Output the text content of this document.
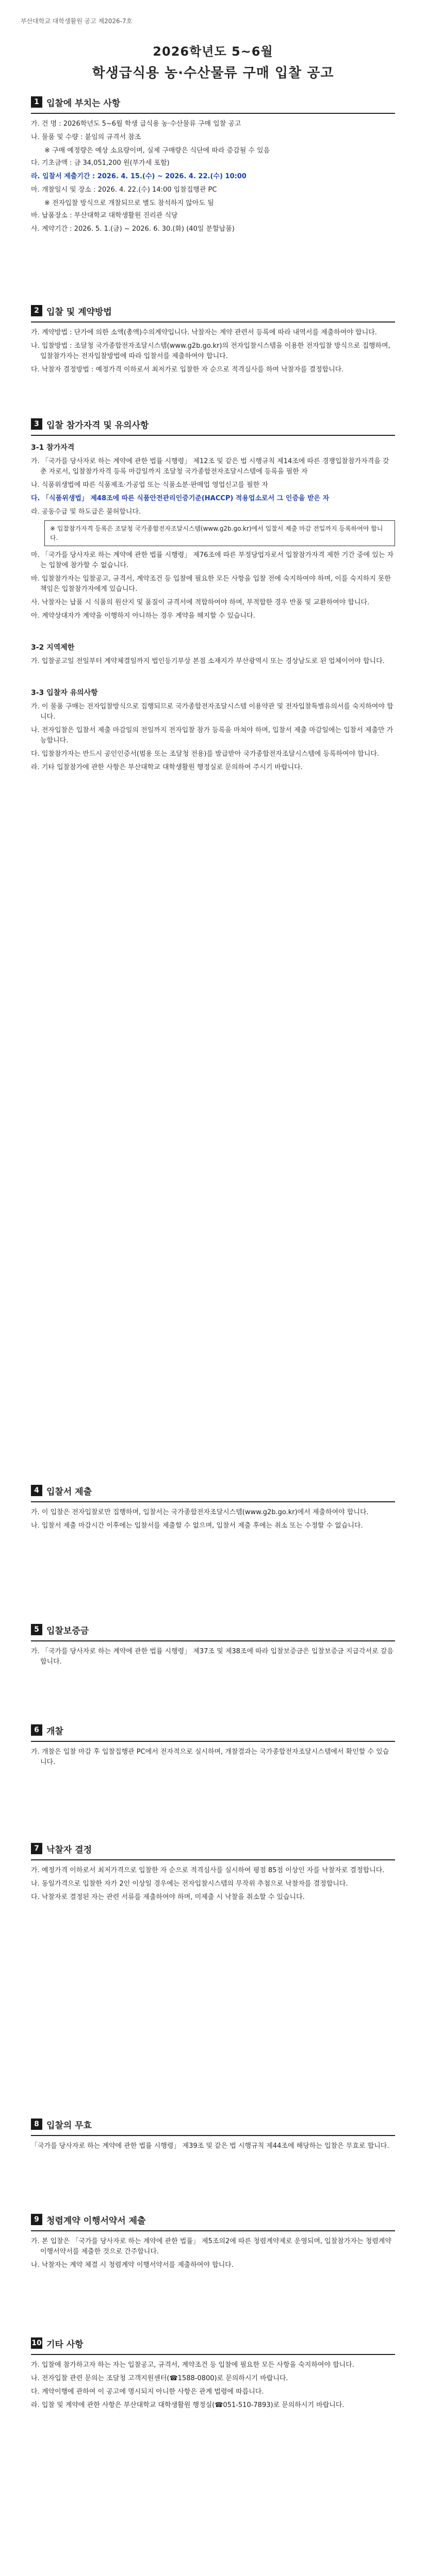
부산대학교 대학생활원 공고 제2026-7호
2026학년도 5~6월
학생급식용 농·수산물류 구매 입찰 공고
1 입찰에 부치는 사항

가. 건 명 : 2026학년도 5~6월 학생 급식용 농·수산물류 구매 입찰 공고

나. 물품 및 수량 : 붙임의 규격서 참조

※ 구매 예정량은 예상 소요량이며, 실제 구매량은 식단에 따라 증감될 수 있음

다. 기초금액 : 금 34,051,200 원(부가세 포함)

라. 입찰서 제출기간 : 2026. 4. 15.(수) ~ 2026. 4. 22.(수) 10:00

마. 개찰일시 및 장소 : 2026. 4. 22.(수) 14:00 입찰집행관 PC

※ 전자입찰 방식으로 개찰되므로 별도 참석하지 않아도 됨

바. 납품장소 : 부산대학교 대학생활원 진리관 식당

사. 계약기간 : 2026. 5. 1.(금) ~ 2026. 6. 30.(화) (40일 분할납품)

2 입찰 및 계약방법

가. 계약방법 : 단가에 의한 소액(총액)수의계약입니다. 낙찰자는 계약 관련서 등록에 따라 내역서를 제출하여야 합니다.

나. 입찰방법 : 조달청 국가종합전자조달시스템(www.g2b.go.kr)의 전자입찰시스템을 이용한 전자입찰 방식으로 집행하며, 입찰참가자는 전자입찰방법에 따라 입찰서를 제출하여야 합니다.

다. 낙찰자 결정방법 : 예정가격 이하로서 최저가로 입찰한 자 순으로 적격심사를 하여 낙찰자를 결정합니다.

3 입찰 참가자격 및 유의사항
3-1 참가자격

가. 「국가를 당사자로 하는 계약에 관한 법률 시행령」 제12조 및 같은 법 시행규칙 제14조에 따른 경쟁입찰참가자격을 갖춘 자로서, 입찰참가자격 등록 마감일까지 조달청 국가종합전자조달시스템에 등록을 필한 자

나. 식품위생법에 따른 식품제조·가공업 또는 식품소분·판매업 영업신고를 필한 자

다. 「식품위생법」 제48조에 따른 식품안전관리인증기준(HACCP) 적용업소로서 그 인증을 받은 자

라. 공동수급 및 하도급은 불허합니다.

※ 입찰참가자격 등록은 조달청 국가종합전자조달시스템(www.g2b.go.kr)에서 입찰서 제출 마감 전일까지 등록하여야 합니다.

마. 「국가를 당사자로 하는 계약에 관한 법률 시행령」 제76조에 따른 부정당업자로서 입찰참가자격 제한 기간 중에 있는 자는 입찰에 참가할 수 없습니다.

바. 입찰참가자는 입찰공고, 규격서, 계약조건 등 입찰에 필요한 모든 사항을 입찰 전에 숙지하여야 하며, 이를 숙지하지 못한 책임은 입찰참가자에게 있습니다.

사. 낙찰자는 납품 시 식품의 원산지 및 품질이 규격서에 적합하여야 하며, 부적합한 경우 반품 및 교환하여야 합니다.

아. 계약상대자가 계약을 이행하지 아니하는 경우 계약을 해지할 수 있습니다.

3-2 지역제한

가. 입찰공고일 전일부터 계약체결일까지 법인등기부상 본점 소재지가 부산광역시 또는 경상남도로 된 업체이어야 합니다.

3-3 입찰자 유의사항

가. 이 물품 구매는 전자입찰방식으로 집행되므로 국가종합전자조달시스템 이용약관 및 전자입찰특별유의서를 숙지하여야 합니다.

나. 전자입찰은 입찰서 제출 마감일의 전일까지 전자입찰 참가 등록을 마쳐야 하며, 입찰서 제출 마감일에는 입찰서 제출만 가능합니다.

다. 입찰참가자는 반드시 공인인증서(범용 또는 조달청 전용)를 발급받아 국가종합전자조달시스템에 등록하여야 합니다.

라. 기타 입찰참가에 관한 사항은 부산대학교 대학생활원 행정실로 문의하여 주시기 바랍니다.

4 입찰서 제출

가. 이 입찰은 전자입찰로만 집행하며, 입찰서는 국가종합전자조달시스템(www.g2b.go.kr)에서 제출하여야 합니다.

나. 입찰서 제출 마감시간 이후에는 입찰서를 제출할 수 없으며, 입찰서 제출 후에는 취소 또는 수정할 수 없습니다.

5 입찰보증금

가. 「국가를 당사자로 하는 계약에 관한 법률 시행령」 제37조 및 제38조에 따라 입찰보증금은 입찰보증금 지급각서로 갈음합니다.

6 개찰

가. 개찰은 입찰 마감 후 입찰집행관 PC에서 전자적으로 실시하며, 개찰결과는 국가종합전자조달시스템에서 확인할 수 있습니다.

7 낙찰자 결정

가. 예정가격 이하로서 최저가격으로 입찰한 자 순으로 적격심사를 실시하여 평점 85점 이상인 자를 낙찰자로 결정합니다.

나. 동일가격으로 입찰한 자가 2인 이상일 경우에는 전자입찰시스템의 무작위 추첨으로 낙찰자를 결정합니다.

다. 낙찰자로 결정된 자는 관련 서류를 제출하여야 하며, 미제출 시 낙찰을 취소할 수 있습니다.

8 입찰의 무효

「국가를 당사자로 하는 계약에 관한 법률 시행령」 제39조 및 같은 법 시행규칙 제44조에 해당하는 입찰은 무효로 합니다.

9 청렴계약 이행서약서 제출

가. 본 입찰은 「국가를 당사자로 하는 계약에 관한 법률」 제5조의2에 따른 청렴계약제로 운영되며, 입찰참가자는 청렴계약 이행서약서를 제출한 것으로 간주합니다.

나. 낙찰자는 계약 체결 시 청렴계약 이행서약서를 제출하여야 합니다.

10 기타 사항

가. 입찰에 참가하고자 하는 자는 입찰공고, 규격서, 계약조건 등 입찰에 필요한 모든 사항을 숙지하여야 합니다.

나. 전자입찰 관련 문의는 조달청 고객지원센터(☎1588-0800)로 문의하시기 바랍니다.

다. 계약이행에 관하여 이 공고에 명시되지 아니한 사항은 관계 법령에 따릅니다.

라. 입찰 및 계약에 관한 사항은 부산대학교 대학생활원 행정실(☎051-510-7893)로 문의하시기 바랍니다.
